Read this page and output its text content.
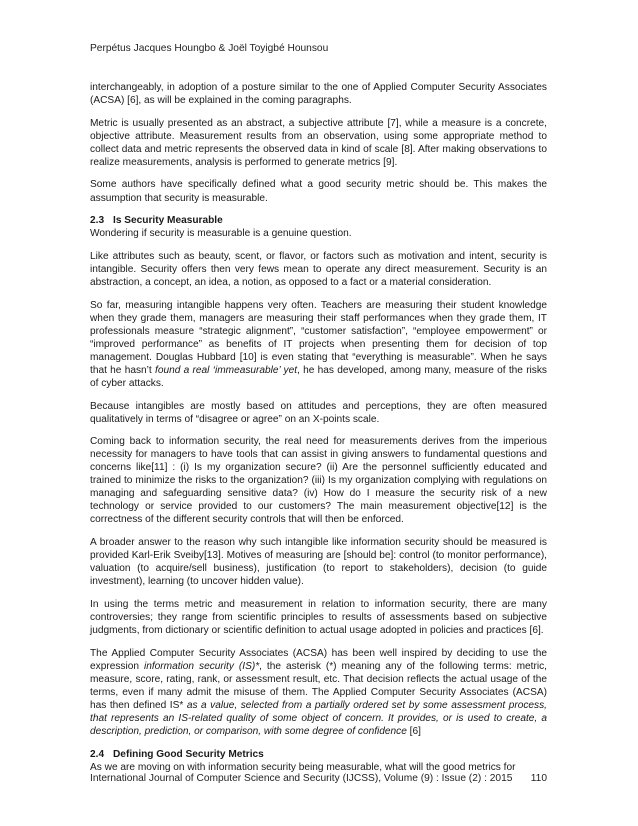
Perpétus Jacques Houngbo & Joël Toyigbé Hounsou

interchangeably, in adoption of a posture similar to the one of Applied Computer Security Associates (ACSA) [6], as will be explained in the coming paragraphs.

Metric is usually presented as an abstract, a subjective attribute [7], while a measure is a concrete, objective attribute. Measurement results from an observation, using some appropriate method to collect data and metric represents the observed data in kind of scale [8]. After making observations to realize measurements, analysis is performed to generate metrics [9].

Some authors have specifically defined what a good security metric should be. This makes the assumption that security is measurable.

2.3 Is Security Measurable

Wondering if security is measurable is a genuine question.

Like attributes such as beauty, scent, or flavor, or factors such as motivation and intent, security is intangible. Security offers then very fews mean to operate any direct measurement. Security is an abstraction, a concept, an idea, a notion, as opposed to a fact or a material consideration.

So far, measuring intangible happens very often. Teachers are measuring their student knowledge when they grade them, managers are measuring their staff performances when they grade them, IT professionals measure “strategic alignment”, “customer satisfaction”, “employee empowerment” or “improved performance” as benefits of IT projects when presenting them for decision of top management. Douglas Hubbard [10] is even stating that “everything is measurable”. When he says that he hasn’t found a real ‘immeasurable’ yet, he has developed, among many, measure of the risks of cyber attacks.

Because intangibles are mostly based on attitudes and perceptions, they are often measured qualitatively in terms of “disagree or agree” on an X-points scale.

Coming back to information security, the real need for measurements derives from the imperious necessity for managers to have tools that can assist in giving answers to fundamental questions and concerns like[11] : (i) Is my organization secure? (ii) Are the personnel sufficiently educated and trained to minimize the risks to the organization? (iii) Is my organization complying with regulations on managing and safeguarding sensitive data? (iv) How do I measure the security risk of a new technology or service provided to our customers? The main measurement objective[12] is the correctness of the different security controls that will then be enforced.

A broader answer to the reason why such intangible like information security should be measured is provided Karl-Erik Sveiby[13]. Motives of measuring are [should be]: control (to monitor performance), valuation (to acquire/sell business), justification (to report to stakeholders), decision (to guide investment), learning (to uncover hidden value).

In using the terms metric and measurement in relation to information security, there are many controversies; they range from scientific principles to results of assessments based on subjective judgments, from dictionary or scientific definition to actual usage adopted in policies and practices [6].

The Applied Computer Security Associates (ACSA) has been well inspired by deciding to use the expression information security (IS)*, the asterisk (*) meaning any of the following terms: metric, measure, score, rating, rank, or assessment result, etc. That decision reflects the actual usage of the terms, even if many admit the misuse of them. The Applied Computer Security Associates (ACSA) has then defined IS* as a value, selected from a partially ordered set by some assessment process, that represents an IS-related quality of some object of concern. It provides, or is used to create, a description, prediction, or comparison, with some degree of confidence [6]

2.4 Defining Good Security Metrics

As we are moving on with information security being measurable, what will the good metrics for

International Journal of Computer Science and Security (IJCSS), Volume (9) : Issue (2) : 2015 110
